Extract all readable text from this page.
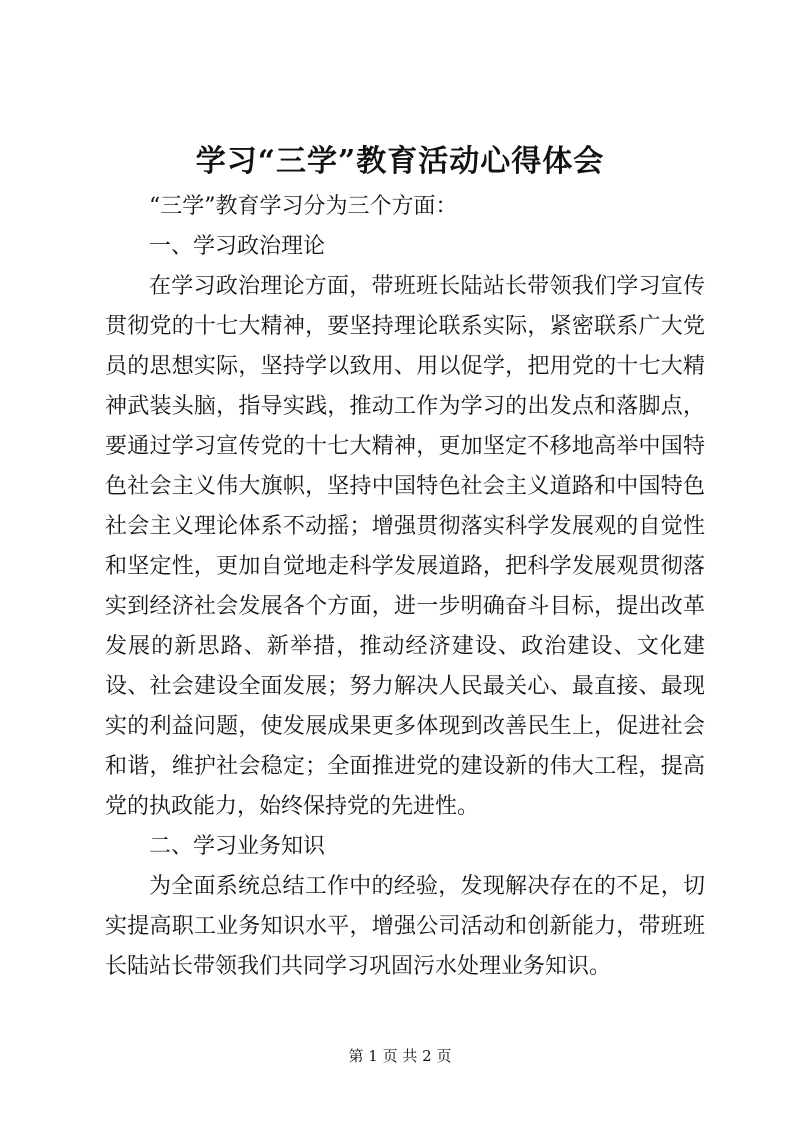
学习“三学”教育活动心得体会

“三学”教育学习分为三个方面：

一、学习政治理论

在学习政治理论方面，带班班长陆站长带领我们学习宣传贯彻党的十七大精神，要坚持理论联系实际，紧密联系广大党员的思想实际，坚持学以致用、用以促学，把用党的十七大精神武装头脑，指导实践，推动工作为学习的出发点和落脚点，要通过学习宣传党的十七大精神，更加坚定不移地高举中国特色社会主义伟大旗帜，坚持中国特色社会主义道路和中国特色社会主义理论体系不动摇；增强贯彻落实科学发展观的自觉性和坚定性，更加自觉地走科学发展道路，把科学发展观贯彻落实到经济社会发展各个方面，进一步明确奋斗目标，提出改革发展的新思路、新举措，推动经济建设、政治建设、文化建设、社会建设全面发展；努力解决人民最关心、最直接、最现实的利益问题，使发展成果更多体现到改善民生上，促进社会和谐，维护社会稳定；全面推进党的建设新的伟大工程，提高党的执政能力，始终保持党的先进性。

二、学习业务知识

为全面系统总结工作中的经验，发现解决存在的不足，切实提高职工业务知识水平，增强公司活动和创新能力，带班班长陆站长带领我们共同学习巩固污水处理业务知识。

第 1 页 共 2 页
